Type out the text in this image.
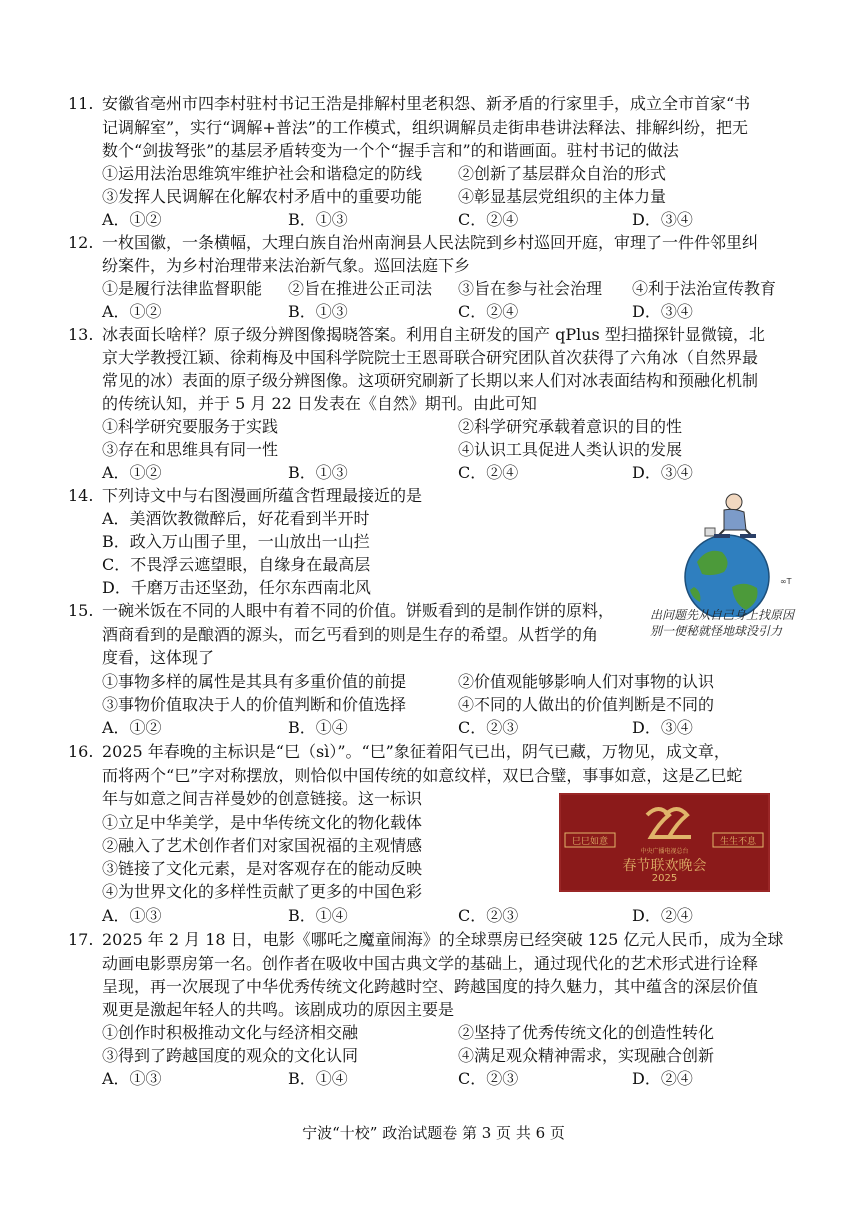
11. 安徽省亳州市四李村驻村书记王浩是排解村里老积怨、新矛盾的行家里手，成立全市首家“书
记调解室”，实行“调解+普法”的工作模式，组织调解员走街串巷讲法释法、排解纠纷，把无
数个“剑拔弩张”的基层矛盾转变为一个个“握手言和”的和谐画面。驻村书记的做法
①运用法治思维筑牢维护社会和谐稳定的防线 ②创新了基层群众自治的形式
③发挥人民调解在化解农村矛盾中的重要功能 ④彰显基层党组织的主体力量
A．①②	B．①③	C．②④	D．③④
12. 一枚国徽，一条横幅，大理白族自治州南涧县人民法院到乡村巡回开庭，审理了一件件邻里纠
纷案件，为乡村治理带来法治新气象。巡回法庭下乡
①是履行法律监督职能 ②旨在推进公正司法 ③旨在参与社会治理 ④利于法治宣传教育
A．①②	B．①③	C．②④	D．③④
13. 冰表面长啥样？原子级分辨图像揭晓答案。利用自主研发的国产 qPlus 型扫描探针显微镜，北
京大学教授江颖、徐莉梅及中国科学院院士王恩哥联合研究团队首次获得了六角冰（自然界最
常见的冰）表面的原子级分辨图像。这项研究刷新了长期以来人们对冰表面结构和预融化机制
的传统认知，并于 5 月 22 日发表在《自然》期刊。由此可知
①科学研究要服务于实践	②科学研究承载着意识的目的性
③存在和思维具有同一性	④认识工具促进人类认识的发展
A．①②	B．①③	C．②④	D．③④
14. 下列诗文中与右图漫画所蕴含哲理最接近的是
A．美酒饮教微醉后，好花看到半开时
B．政入万山围子里，一山放出一山拦
C．不畏浮云遮望眼，自缘身在最高层
D．千磨万击还坚劲，任尔东西南北风	∞T
出问题先从自己身上找原因
别一便秘就怪地球没引力
15. 一碗米饭在不同的人眼中有着不同的价值。饼贩看到的是制作饼的原料，
酒商看到的是酿酒的源头，而乞丐看到的则是生存的希望。从哲学的角
度看，这体现了
①事物多样的属性是其具有多重价值的前提	②价值观能够影响人们对事物的认识
③事物价值取决于人的价值判断和价值选择	④不同的人做出的价值判断是不同的
A．①②	B．①④	C．②③	D．③④
16. 2025 年春晚的主标识是“巳（sì）”。“巳”象征着阳气已出，阴气已藏，万物见，成文章，
而将两个“巳”字对称摆放，则恰似中国传统的如意纹样，双巳合璧，事事如意，这是乙巳蛇
年与如意之间吉祥曼妙的创意链接。这一标识
①立足中华美学，是中华传统文化的物化载体
②融入了艺术创作者们对家国祝福的主观情感
③链接了文化元素，是对客观存在的能动反映
④为世界文化的多样性贡献了更多的中国色彩
A．①③	B．①④	C．②③	D．②④
巳巳如意	生生不息
中央广播电视总台
春节联欢晚会
2025
17. 2025 年 2 月 18 日，电影《哪吒之魔童闹海》的全球票房已经突破 125 亿元人民币，成为全球
动画电影票房第一名。创作者在吸收中国古典文学的基础上，通过现代化的艺术形式进行诠释
呈现，再一次展现了中华优秀传统文化跨越时空、跨越国度的持久魅力，其中蕴含的深层价值
观更是激起年轻人的共鸣。该剧成功的原因主要是
①创作时积极推动文化与经济相交融	②坚持了优秀传统文化的创造性转化
③得到了跨越国度的观众的文化认同	④满足观众精神需求，实现融合创新
A．①③	B．①④	C．②③	D．②④
宁波“十校” 政治试题卷 第 3 页 共 6 页
